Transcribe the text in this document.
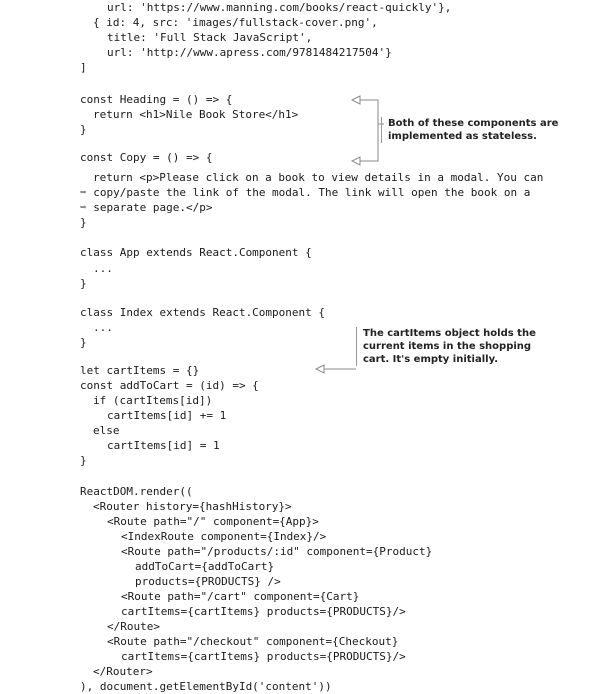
url: 'https://www.manning.com/books/react-quickly'},

{ id: 4, src: 'images/fullstack-cover.png',

title: 'Full Stack JavaScript',

url: 'http://www.apress.com/9781484217504'}

]

const Heading = () => {

return <h1>Nile Book Store</h1>

}

const Copy = () => {

return <p>Please click on a book to view details in a modal. You can

➥ copy/paste the link of the modal. The link will open the book on a

➥ separate page.</p>

}

class App extends React.Component {

...

}

class Index extends React.Component {

...

}

let cartItems = {}

const addToCart = (id) => {

if (cartItems[id])

cartItems[id] += 1

else

cartItems[id] = 1

}

ReactDOM.render((

<Router history={hashHistory}>

<Route path="/" component={App}>

<IndexRoute component={Index}/>

<Route path="/products/:id" component={Product}

addToCart={addToCart}

products={PRODUCTS} />

<Route path="/cart" component={Cart}

cartItems={cartItems} products={PRODUCTS}/>

</Route>

<Route path="/checkout" component={Checkout}

cartItems={cartItems} products={PRODUCTS}/>

</Router>

), document.getElementById('content'))

Both of these components are
implemented as stateless.
The cartItems object holds the
current items in the shopping
cart. It's empty initially.
